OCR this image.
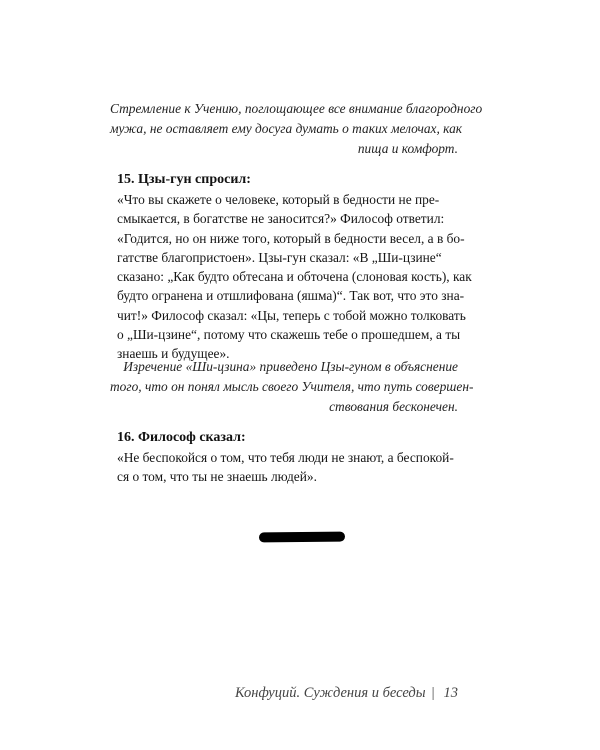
Стремление к Учению, поглощающее все внимание благородного
мужа, не оставляет ему досуга думать о таких мелочах, как
пища и комфорт.
15. Цзы-гун спросил:
«Что вы скажете о человеке, который в бедности не пре-
смыкается, в богатстве не заносится?» Философ ответил:
«Годится, но он ниже того, который в бедности весел, а в бо-
гатстве благопристоен». Цзы-гун сказал: «В „Ши-цзине“
сказано: „Как будто обтесана и обточена (слоновая кость), как
будто огранена и отшлифована (яшма)“. Так вот, что это зна-
чит!» Философ сказал: «Цы, теперь с тобой можно толковать
о „Ши-цзине“, потому что скажешь тебе о прошедшем, а ты
знаешь и будущее».
Изречение «Ши-цзина» приведено Цзы-гуном в объяснение
того, что он понял мысль своего Учителя, что путь совершен-
ствования бесконечен.
16. Философ сказал:
«Не беспокойся о том, что тебя люди не знают, а беспокой-
ся о том, что ты не знаешь людей».
Конфуций. Суждения и беседы | 13
